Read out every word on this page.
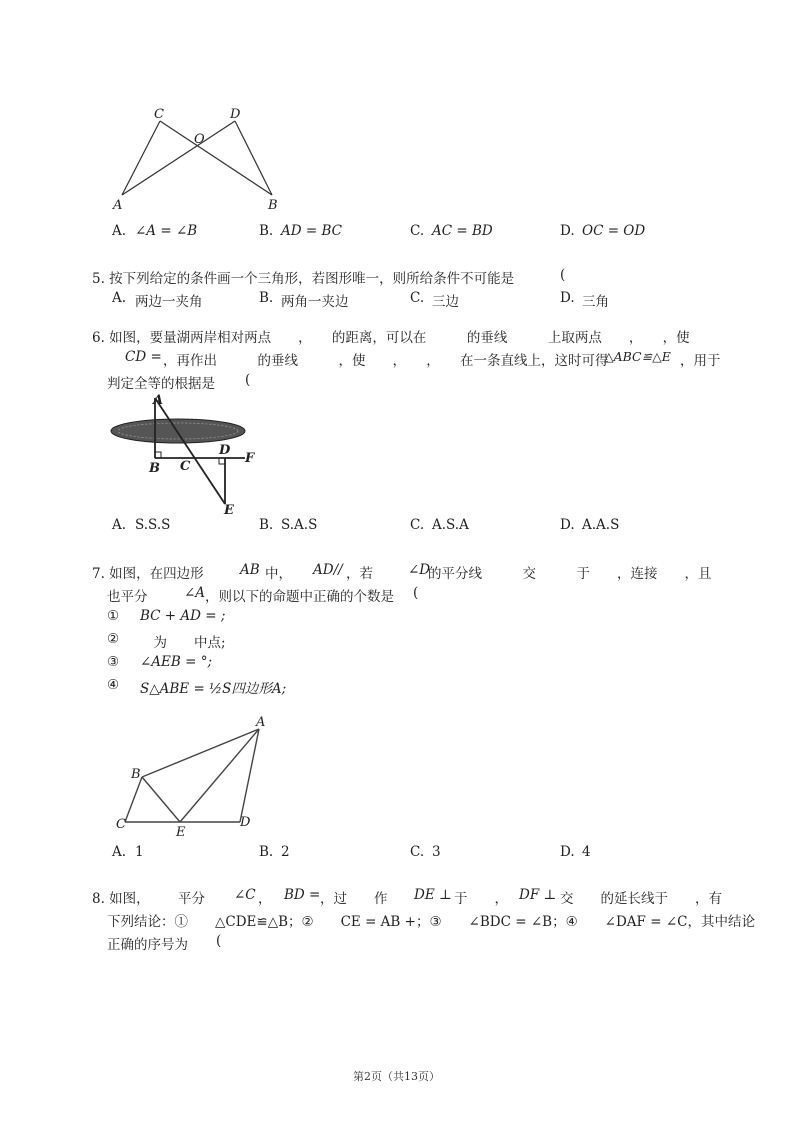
C
O
D
A	B
A. ∠A = ∠B	B. AD = BC	C. AC = BD	D. OC = OD
5. 按下列给定的条件画一个三角形，若图形唯一，则所给条件不可能是	(
A. 两边一夹角	B. 两角一夹边	C. 三边	D. 三角
6. 如图，要量湖两岸相对两点　　，　　的距离，可以在　　　的垂线　　　上取两点　　，　　，使
CD = ，再作出　　　的垂线　　　，使　　，　　，　　在一条直线上，这时可得
△ABC≌△E ，用于
判定全等的根据是 (
A
B C
D
F
E
A. S.S.S	B. S.A.S	C. A.S.A	D. A.A.S
7. 如图，在四边形	AB 中， AD// ，若	∠D
的平分线　　　交　　　于　　，连接　　，且
也平分	∠A ，则以下的命题中正确的个数是 (
① BC + AD = ;
② 　为　　中点;
③ ∠AEB = °;
④ S△ABE = ½S四边形A;
A
B
C
E
D
A. 1	B. 2	C. 3	D. 4
8. 如图， 平分 ∠C ， BD = ，过　　作 DE ⊥ 于　　， DF ⊥ 交　　的延长线于　　，有
下列结论：①　　△CDE≌△B；②　　CE = AB +；③　　∠BDC = ∠B；④　　∠DAF = ∠C，其中结论
正确的序号为 (
第2页（共13页）
